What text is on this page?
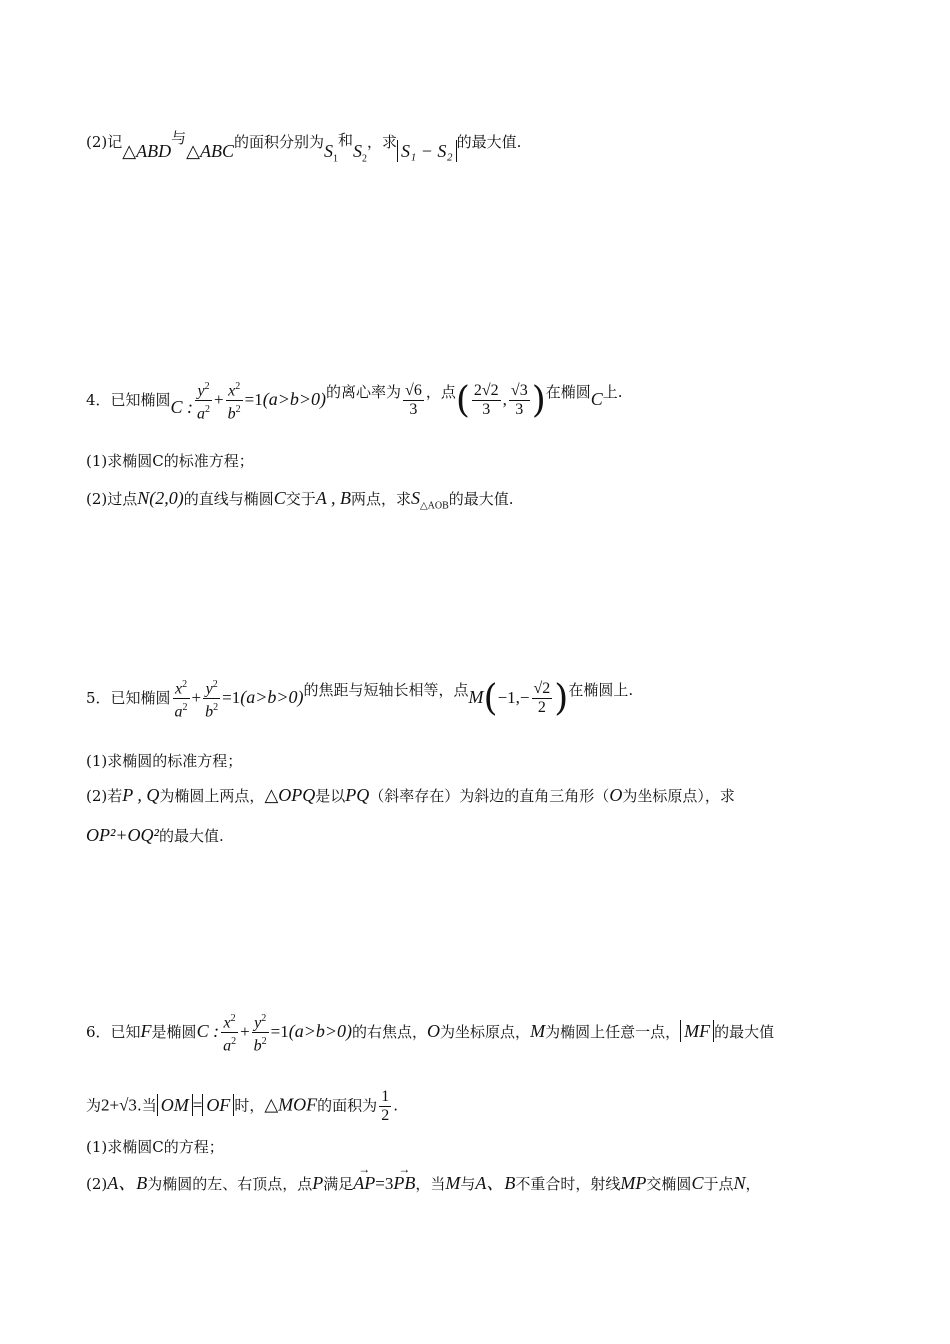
(2)记△ABD与△ABC的面积分别为$S_1$和$S_2$，求 S₁ − S₂ 的最大值.
4．已知椭圆C : $\frac{y^2}{a^2} + \frac{x^2}{b^2} =1(a>b>0)$的离心率为 $\frac{√6}{3}$ ，点( $\frac{2√2}{3}$ , $\frac{√3}{3}$ )在椭圆C上.
(1)求椭圆C的标准方程；
(2)过点N(2,0)的直线与椭圆C交于A , B两点，求$S_{\triangle AOB}$的最大值.
5．已知椭圆 $\frac{x^2}{a^2} + \frac{y^2}{b^2} =1(a>b>0)$的焦距与短轴长相等，点$M(-1,- \frac{√2}{2}$ )在椭圆上.
(1)求椭圆的标准方程；
(2)若P , Q为椭圆上两点，△OPQ是以PQ（斜率存在）为斜边的直角三角形（O为坐标原点），求
OP²+OQ²的最大值.
6．已知F是椭圆C : $\frac{x^2}{a^2} + \frac{y^2}{b^2} =1(a>b>0)$的右焦点，O为坐标原点，M为椭圆上任意一点， MF 的最大值
为2+√3.当 OM = OF 时，△MOF的面积为 $\frac{1}{2}$ .
(1)求椭圆C的方程；
(2)A、B为椭圆的左、右顶点，点P满足→ AP=3→ PB，当M与A、B不重合时，射线MP交椭圆C于点N，
